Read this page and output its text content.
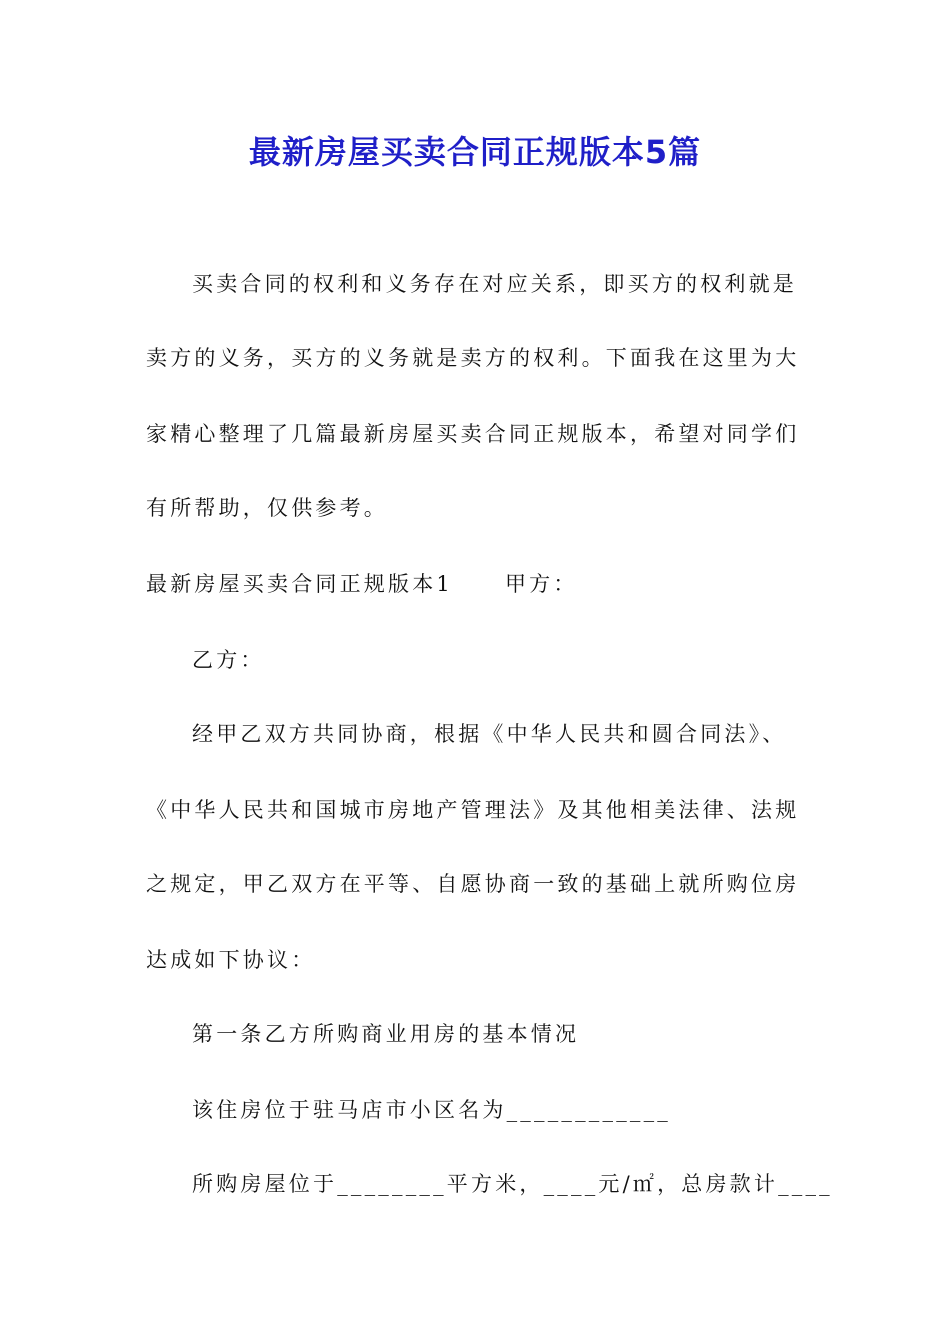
最新房屋买卖合同正规版本5篇
买卖合同的权利和义务存在对应关系，即买方的权利就是
卖方的义务，买方的义务就是卖方的权利。下面我在这里为大
家精心整理了几篇最新房屋买卖合同正规版本，希望对同学们
有所帮助，仅供参考。
最新房屋买卖合同正规版本1 甲方：
乙方：
经甲乙双方共同协商，根据《中华人民共和圆合同法》、
《中华人民共和国城市房地产管理法》及其他相美法律、法规
之规定，甲乙双方在平等、自愿协商一致的基础上就所购位房
达成如下协议：
第一条乙方所购商业用房的基本情况
该住房位于驻马店市小区名为____________
所购房屋位于________平方米，____元/㎡，总房款计____
